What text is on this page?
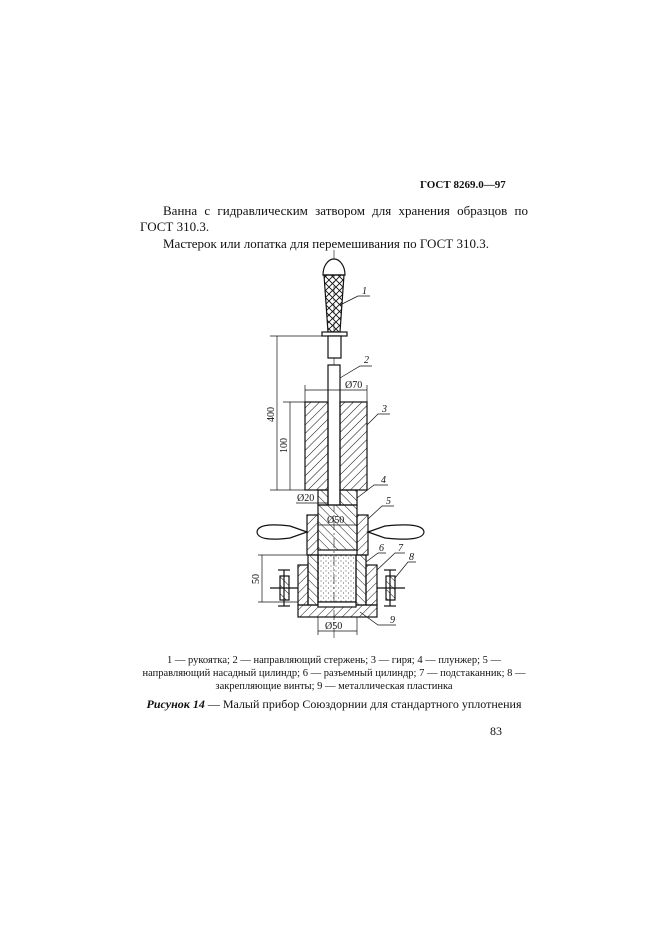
ГОСТ 8269.0—97
Ванна с гидравлическим затвором для хранения образцов по ГОСТ 310.3.
Мастерок или лопатка для перемешивания по ГОСТ 310.3.
1
2
3
4
5
6 7
8
9
Ø70
400
100
Ø20
Ø50
50
Ø50
1 — рукоятка; 2 — направляющий стержень; 3 — гиря; 4 — плунжер; 5 — направляющий насадный цилиндр; 6 — разъемный цилиндр; 7 — подстаканник; 8 — закрепляющие винты; 9 — металлическая пластинка
Рисунок 14 — Малый прибор Союздорнии для стандартного уплотнения
83
